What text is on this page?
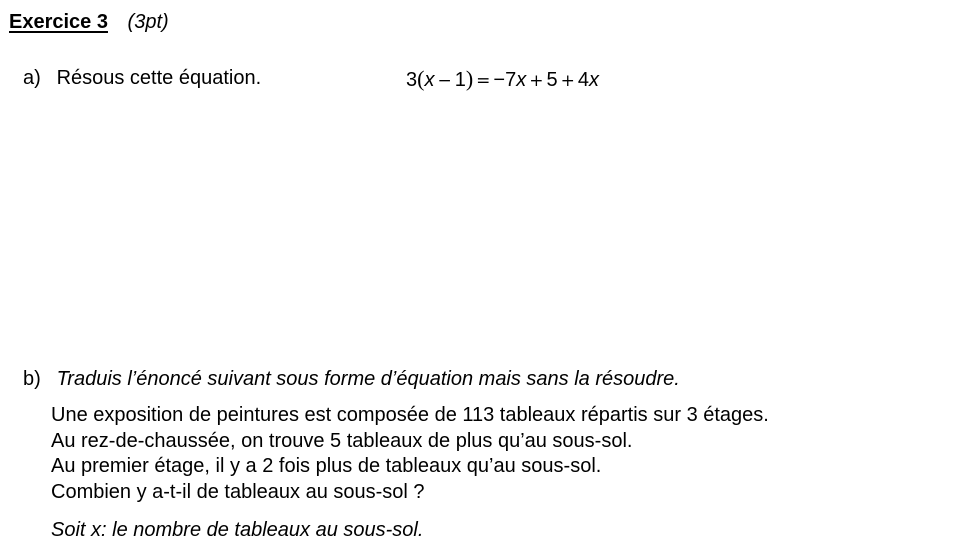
Exercice 3 (3pt)
a) Résous cette équation.	3(x − 1) = −7x + 5 + 4x
b) Traduis l’énoncé suivant sous forme d’équation mais sans la résoudre.
Une exposition de peintures est composée de 113 tableaux répartis sur 3 étages.
Au rez-de-chaussée, on trouve 5 tableaux de plus qu’au sous-sol.
Au premier étage, il y a 2 fois plus de tableaux qu’au sous-sol.
Combien y a-t-il de tableaux au sous-sol ?
Soit x: le nombre de tableaux au sous-sol.
